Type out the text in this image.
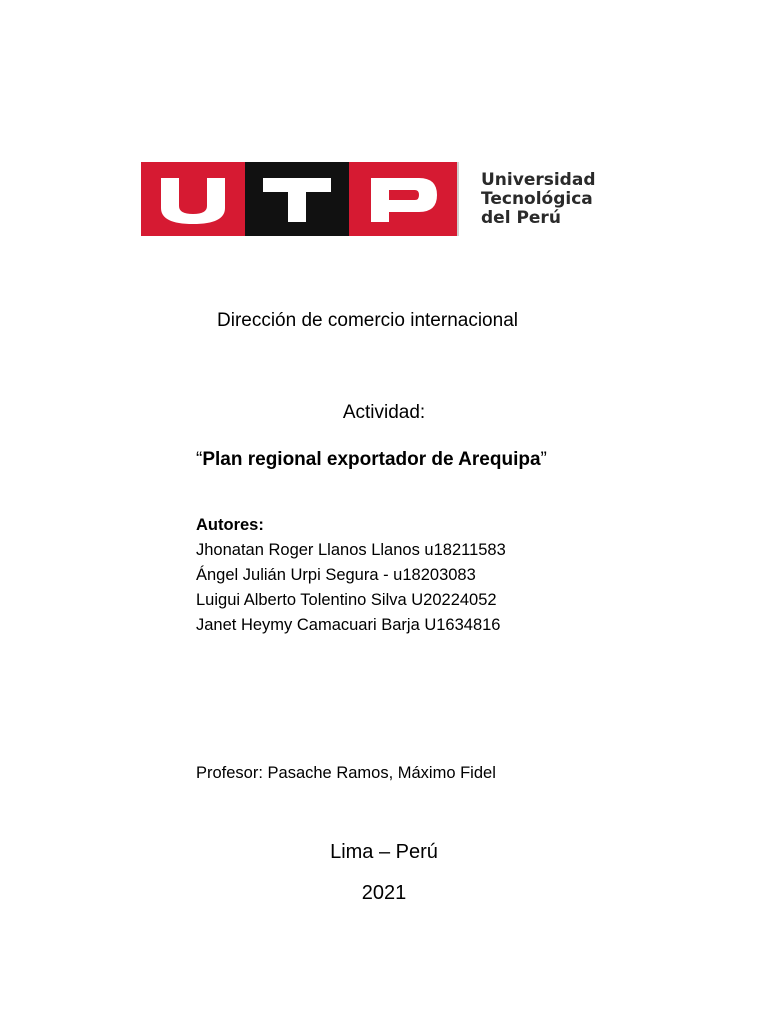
Universidad
Tecnológica
del Perú
Dirección de comercio internacional
Actividad:
“Plan regional exportador de Arequipa”
Autores:
Jhonatan Roger Llanos Llanos u18211583
Ángel Julián Urpi Segura - u18203083
Luigui Alberto Tolentino Silva U20224052
Janet Heymy Camacuari Barja U1634816
Profesor: Pasache Ramos, Máximo Fidel
Lima – Perú
2021
